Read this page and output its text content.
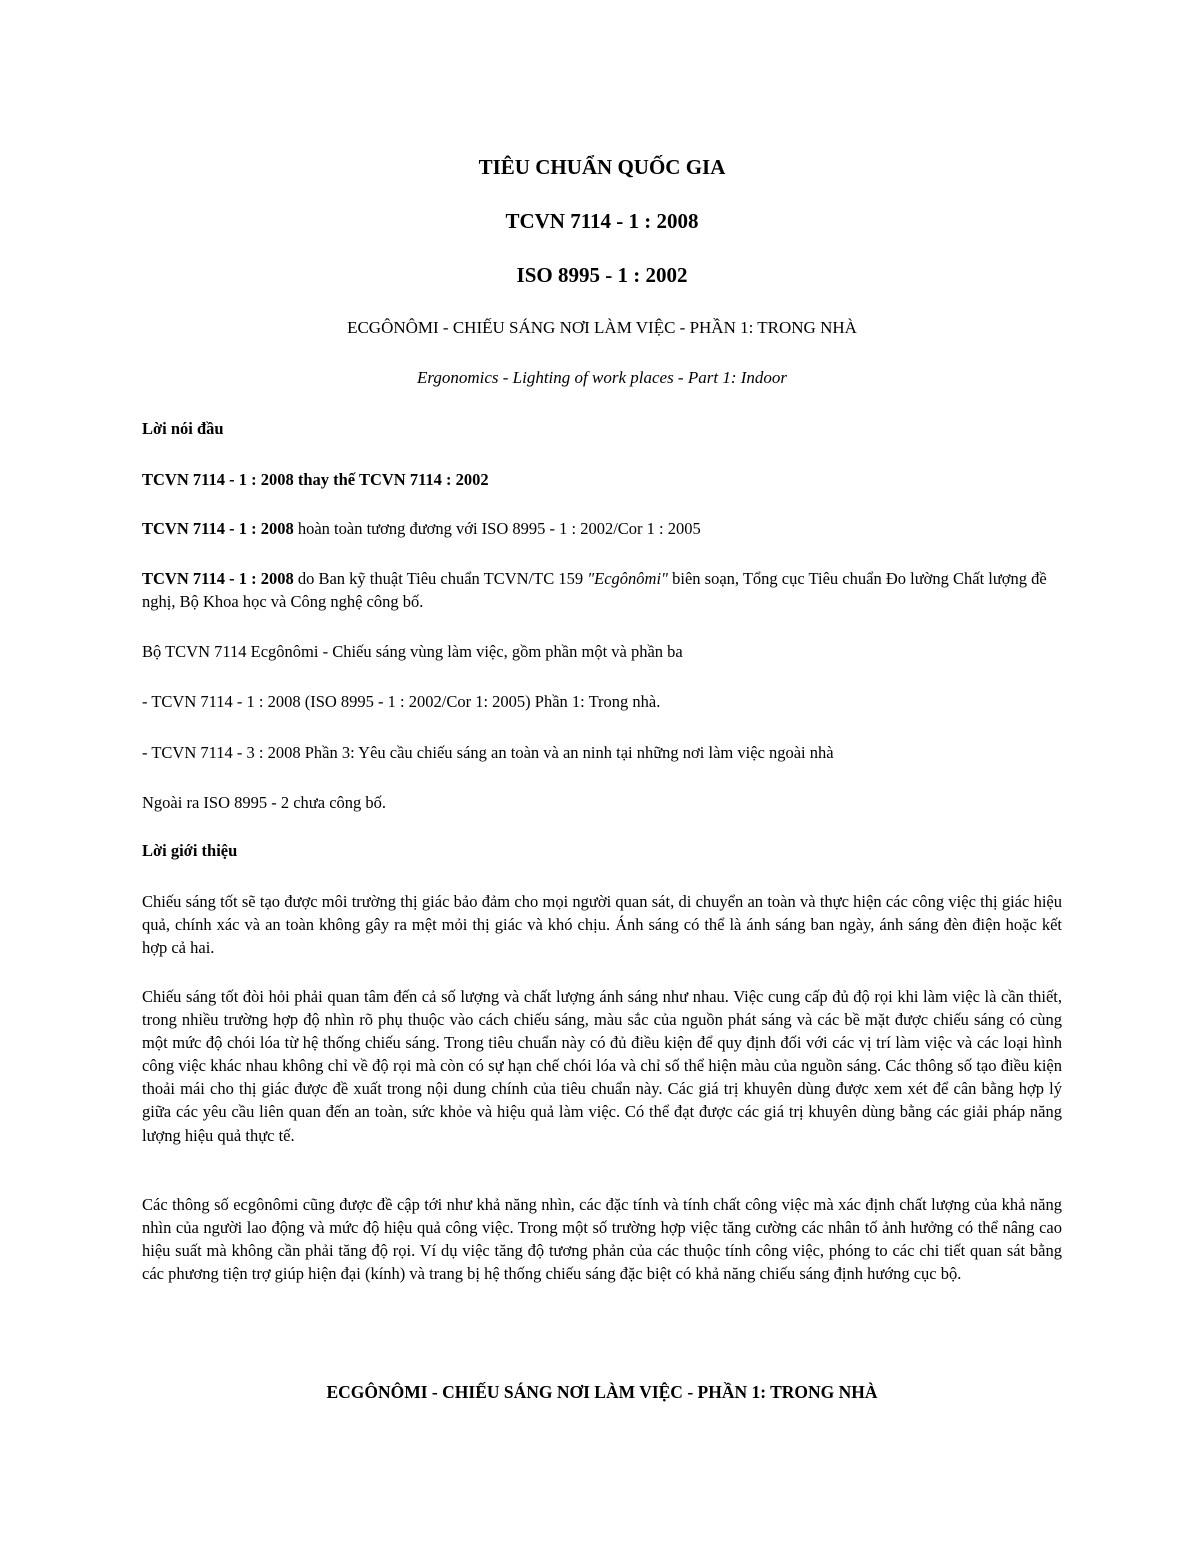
TIÊU CHUẨN QUỐC GIA
TCVN 7114 - 1 : 2008
ISO 8995 - 1 : 2002
ECGÔNÔMI - CHIẾU SÁNG NƠI LÀM VIỆC - PHẦN 1: TRONG NHÀ
Ergonomics - Lighting of work places - Part 1: Indoor
Lời nói đầu

TCVN 7114 - 1 : 2008 thay thế TCVN 7114 : 2002

TCVN 7114 - 1 : 2008 hoàn toàn tương đương với ISO 8995 - 1 : 2002/Cor 1 : 2005

TCVN 7114 - 1 : 2008 do Ban kỹ thuật Tiêu chuẩn TCVN/TC 159 "Ecgônômi" biên soạn, Tổng cục Tiêu chuẩn Đo lường Chất lượng đề nghị, Bộ Khoa học và Công nghệ công bố.

Bộ TCVN 7114 Ecgônômi - Chiếu sáng vùng làm việc, gồm phần một và phần ba

- TCVN 7114 - 1 : 2008 (ISO 8995 - 1 : 2002/Cor 1: 2005) Phần 1: Trong nhà.

- TCVN 7114 - 3 : 2008 Phần 3: Yêu cầu chiếu sáng an toàn và an ninh tại những nơi làm việc ngoài nhà

Ngoài ra ISO 8995 - 2 chưa công bố.

Lời giới thiệu

Chiếu sáng tốt sẽ tạo được môi trường thị giác bảo đảm cho mọi người quan sát, di chuyển an toàn và thực hiện các công việc thị giác hiệu quả, chính xác và an toàn không gây ra mệt mỏi thị giác và khó chịu. Ánh sáng có thể là ánh sáng ban ngày, ánh sáng đèn điện hoặc kết hợp cả hai.

Chiếu sáng tốt đòi hỏi phải quan tâm đến cả số lượng và chất lượng ánh sáng như nhau. Việc cung cấp đủ độ rọi khi làm việc là cần thiết, trong nhiều trường hợp độ nhìn rõ phụ thuộc vào cách chiếu sáng, màu sắc của nguồn phát sáng và các bề mặt được chiếu sáng có cùng một mức độ chói lóa từ hệ thống chiếu sáng. Trong tiêu chuẩn này có đủ điều kiện để quy định đối với các vị trí làm việc và các loại hình công việc khác nhau không chỉ về độ rọi mà còn có sự hạn chế chói lóa và chỉ số thể hiện màu của nguồn sáng. Các thông số tạo điều kiện thoải mái cho thị giác được đề xuất trong nội dung chính của tiêu chuẩn này. Các giá trị khuyên dùng được xem xét để cân bằng hợp lý giữa các yêu cầu liên quan đến an toàn, sức khỏe và hiệu quả làm việc. Có thể đạt được các giá trị khuyên dùng bằng các giải pháp năng lượng hiệu quả thực tế.

Các thông số ecgônômi cũng được đề cập tới như khả năng nhìn, các đặc tính và tính chất công việc mà xác định chất lượng của khả năng nhìn của người lao động và mức độ hiệu quả công việc. Trong một số trường hợp việc tăng cường các nhân tố ảnh hưởng có thể nâng cao hiệu suất mà không cần phải tăng độ rọi. Ví dụ việc tăng độ tương phản của các thuộc tính công việc, phóng to các chi tiết quan sát bằng các phương tiện trợ giúp hiện đại (kính) và trang bị hệ thống chiếu sáng đặc biệt có khả năng chiếu sáng định hướng cục bộ.

ECGÔNÔMI - CHIẾU SÁNG NƠI LÀM VIỆC - PHẦN 1: TRONG NHÀ
